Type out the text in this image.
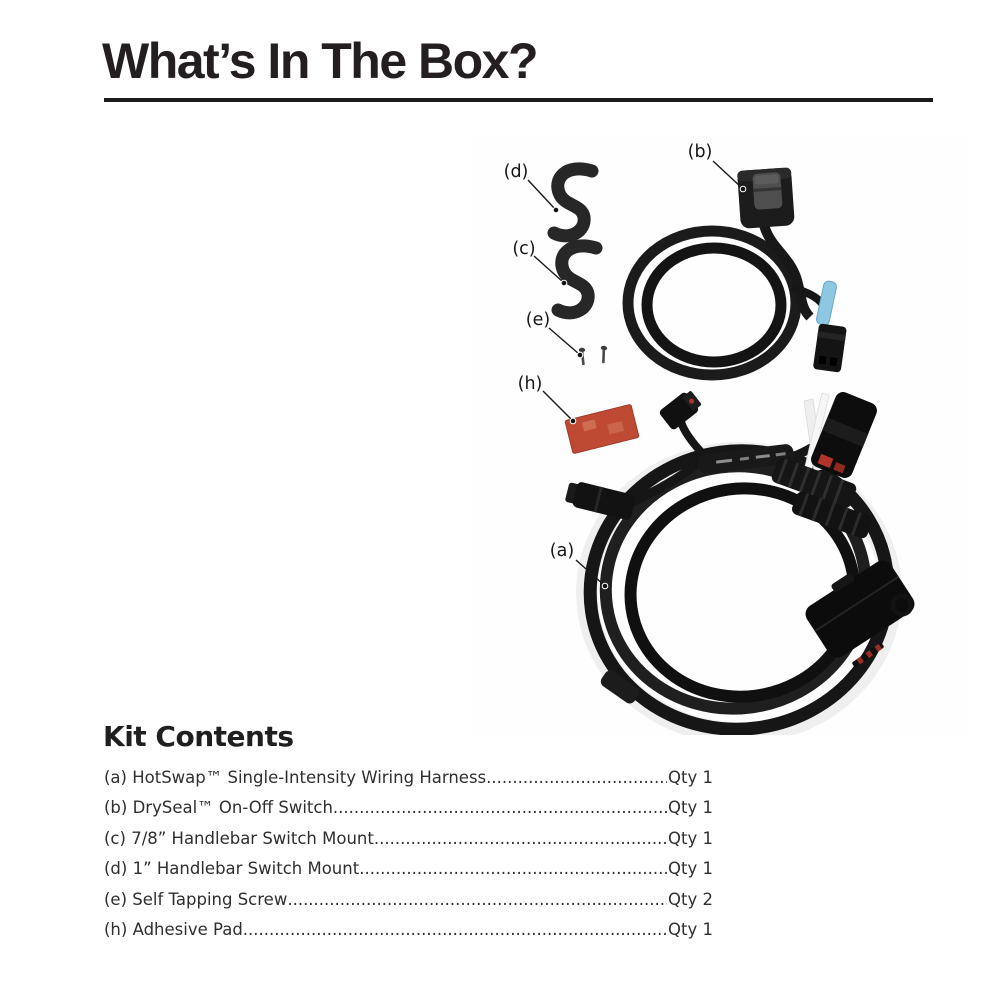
What’s In The Box?
(b)
(d)
(c)
(e)
(h)
(a)
Kit Contents
(a) HotSwap™ Single-Intensity Wiring Harness .....	Qty 1
(b) DrySeal™ On-Off Switch .....	Qty 1
(c) 7/8” Handlebar Switch Mount .....	Qty 1
(d) 1” Handlebar Switch Mount .....	Qty 1
(e) Self Tapping Screw .....	Qty 2
(h) Adhesive Pad .....	Qty 1
